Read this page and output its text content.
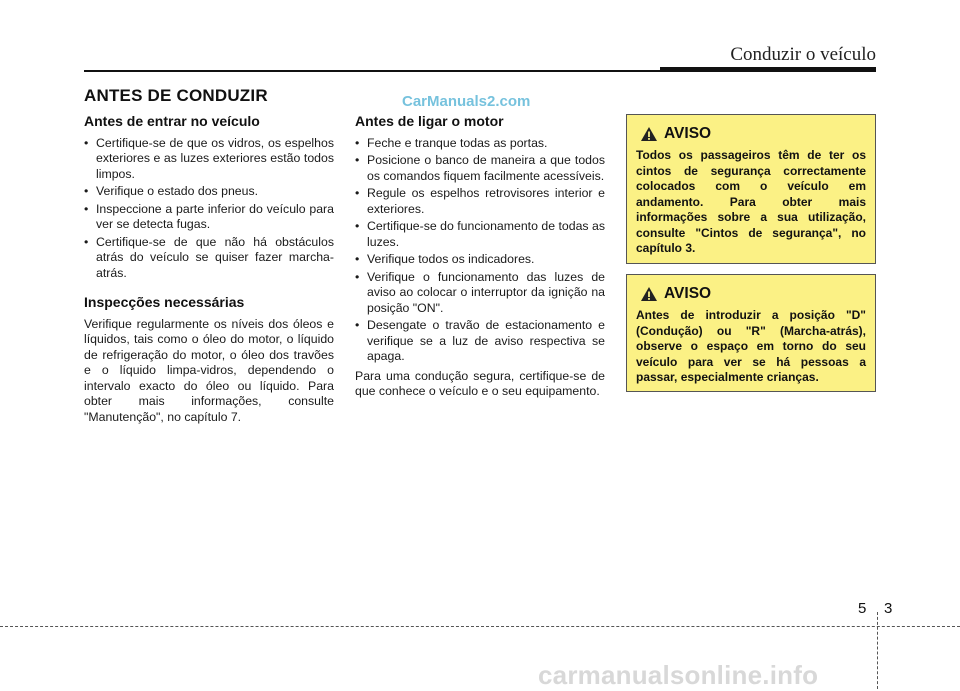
Conduzir o veículo
ANTES DE CONDUZIR	CarManuals2.com
Antes de entrar no veículo
• Certifique-se de que os vidros, os espelhos exteriores e as luzes exteriores estão todos limpos.
• Verifique o estado dos pneus.
• Inspeccione a parte inferior do veículo para ver se detecta fugas.
• Certifique-se de que não há obstáculos atrás do veículo se quiser fazer marcha-atrás.
Inspecções necessárias

Verifique regularmente os níveis dos óleos e líquidos, tais como o óleo do motor, o líquido de refrigeração do motor, o óleo dos travões e o líquido limpa-vidros, dependendo o intervalo exacto do óleo ou líquido. Para obter mais informações, consulte "Manutenção", no capítulo 7.

Antes de ligar o motor
• Feche e tranque todas as portas.
• Posicione o banco de maneira a que todos os comandos fiquem facilmente acessíveis.
• Regule os espelhos retrovisores interior e exteriores.
• Certifique-se do funcionamento de todas as luzes.
• Verifique todos os indicadores.
• Verifique o funcionamento das luzes de aviso ao colocar o interruptor da ignição na posição "ON".
• Desengate o travão de estacionamento e verifique se a luz de aviso respectiva se apaga.

Para uma condução segura, certifique-se de que conhece o veículo e o seu equipamento.

AVISO
Todos os passageiros têm de ter os cintos de segurança correctamente colocados com o veículo em andamento. Para obter mais informações sobre a sua utilização, consulte "Cintos de segurança", no capítulo 3.
AVISO
Antes de introduzir a posição "D" (Condução) ou "R" (Marcha-atrás), observe o espaço em torno do seu veículo para ver se há pessoas a passar, especialmente crianças.
5 3
carmanualsonline.info
